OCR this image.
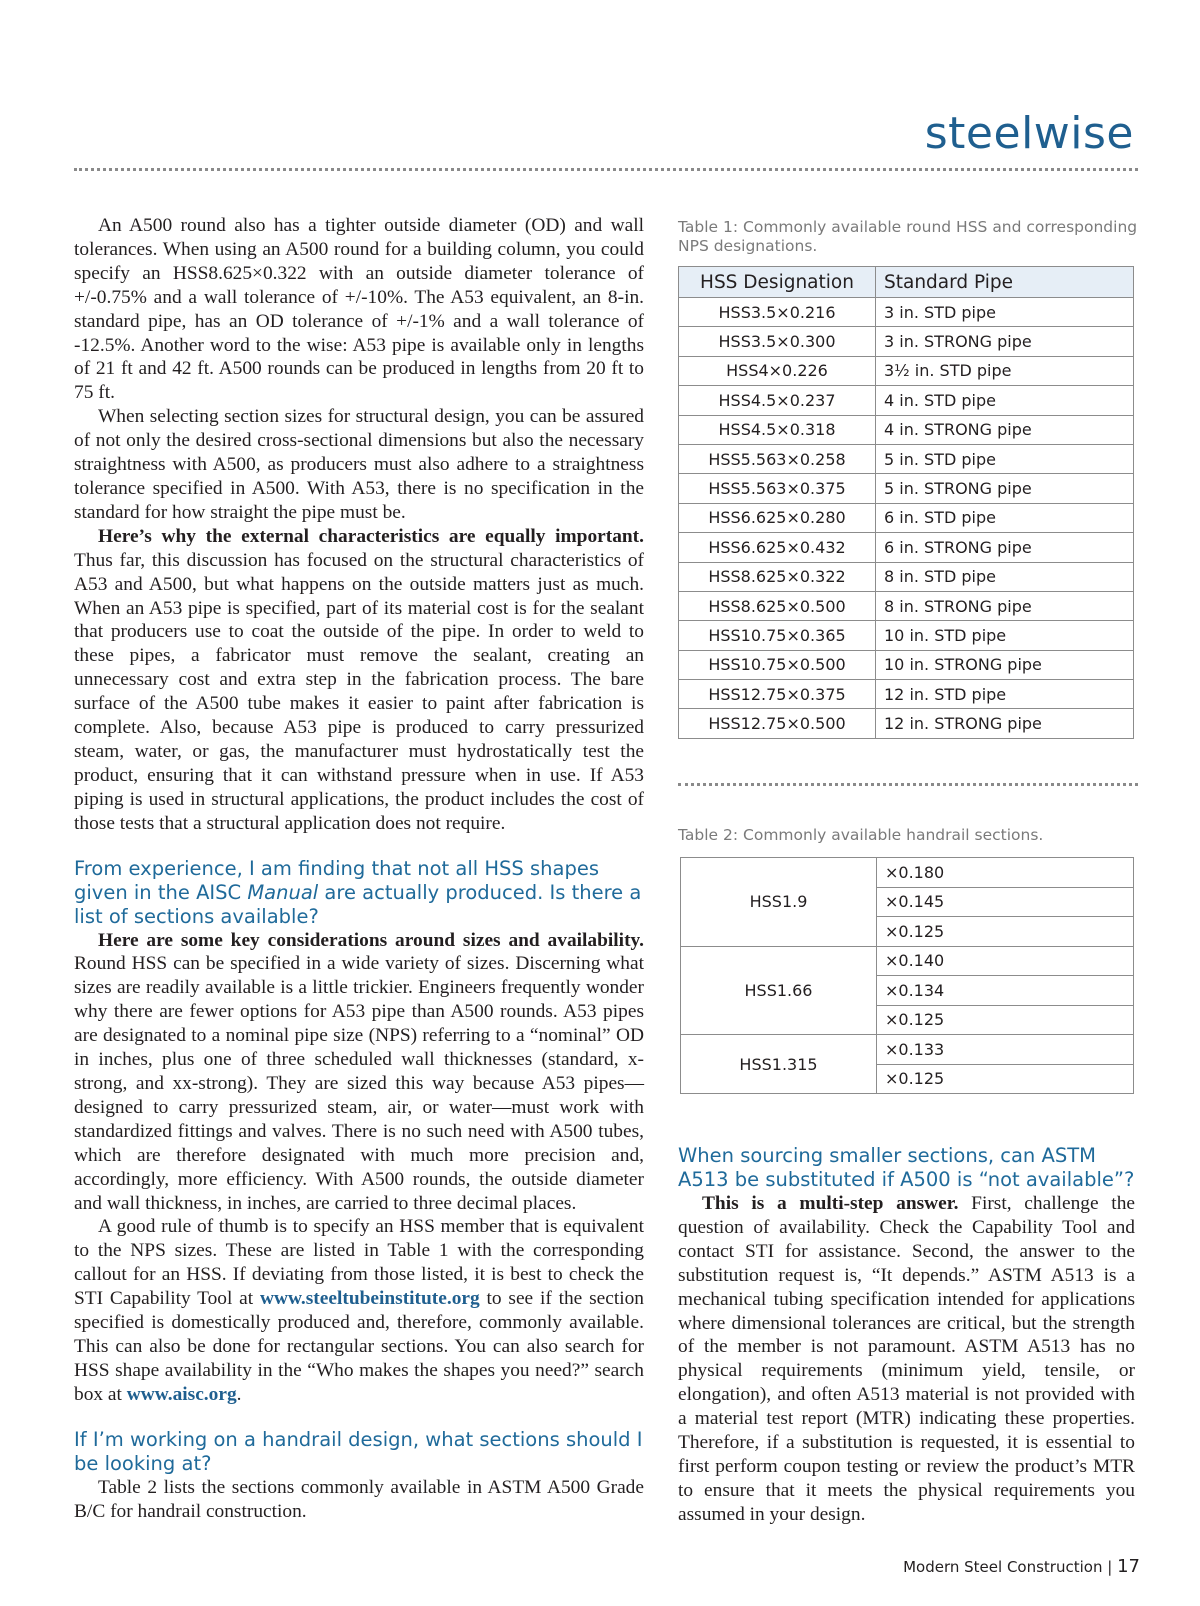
steelwise

An A500 round also has a tighter outside diameter (OD) and wall tolerances. When using an A500 round for a building column, you could specify an HSS8.625×0.322 with an outside diameter tolerance of +/-0.75% and a wall tolerance of +/-10%. The A53 equivalent, an 8-in. standard pipe, has an OD tolerance of +/-1% and a wall tolerance of -12.5%. Another word to the wise: A53 pipe is available only in lengths of 21 ft and 42 ft. A500 rounds can be produced in lengths from 20 ft to 75 ft.

When selecting section sizes for structural design, you can be assured of not only the desired cross-sectional dimensions but also the necessary straightness with A500, as producers must also adhere to a straightness tolerance specified in A500. With A53, there is no specification in the standard for how straight the pipe must be.

Here’s why the external characteristics are equally important. Thus far, this discussion has focused on the structural characteristics of A53 and A500, but what happens on the outside matters just as much. When an A53 pipe is specified, part of its material cost is for the sealant that producers use to coat the outside of the pipe. In order to weld to these pipes, a fabricator must remove the sealant, creating an unnecessary cost and extra step in the fabrication process. The bare surface of the A500 tube makes it easier to paint after fabrication is complete. Also, because A53 pipe is produced to carry pressurized steam, water, or gas, the manufacturer must hydrostatically test the product, ensuring that it can withstand pressure when in use. If A53 piping is used in structural applications, the product includes the cost of those tests that a structural application does not require.

From experience, I am finding that not all HSS shapes given in the AISC Manual are actually produced. Is there a list of sections available?

Here are some key considerations around sizes and availability. Round HSS can be specified in a wide variety of sizes. Discerning what sizes are readily available is a little trickier. Engineers frequently wonder why there are fewer options for A53 pipe than A500 rounds. A53 pipes are designated to a nominal pipe size (NPS) referring to a “nominal” OD in inches, plus one of three scheduled wall thicknesses (standard, x-strong, and xx-strong). They are sized this way because A53 pipes—designed to carry pressurized steam, air, or water—must work with standardized fittings and valves. There is no such need with A500 tubes, which are therefore designated with much more precision and, accordingly, more efficiency. With A500 rounds, the outside diameter and wall thickness, in inches, are carried to three decimal places.

A good rule of thumb is to specify an HSS member that is equivalent to the NPS sizes. These are listed in Table 1 with the corresponding callout for an HSS. If deviating from those listed, it is best to check the STI Capability Tool at www.steeltubeinstitute.org to see if the section specified is domestically produced and, therefore, commonly available. This can also be done for rectangular sections. You can also search for HSS shape availability in the “Who makes the shapes you need?” search box at www.aisc.org.

If I’m working on a handrail design, what sections should I be looking at?

Table 2 lists the sections commonly available in ASTM A500 Grade B/C for handrail construction.

Table 1: Commonly available round HSS and corresponding NPS designations.
HSS Designation	Standard Pipe
HSS3.5×0.216	3 in. STD pipe
HSS3.5×0.300	3 in. STRONG pipe
HSS4×0.226	3½ in. STD pipe
HSS4.5×0.237	4 in. STD pipe
HSS4.5×0.318	4 in. STRONG pipe
HSS5.563×0.258	5 in. STD pipe
HSS5.563×0.375	5 in. STRONG pipe
HSS6.625×0.280	6 in. STD pipe
HSS6.625×0.432	6 in. STRONG pipe
HSS8.625×0.322	8 in. STD pipe
HSS8.625×0.500	8 in. STRONG pipe
HSS10.75×0.365	10 in. STD pipe
HSS10.75×0.500	10 in. STRONG pipe
HSS12.75×0.375	12 in. STD pipe
HSS12.75×0.500	12 in. STRONG pipe
Table 2: Commonly available handrail sections.
HSS1.9	×0.180
	×0.145
	×0.125
HSS1.66	×0.140
	×0.134
	×0.125
HSS1.315	×0.133
	×0.125

When sourcing smaller sections, can ASTM A513 be substituted if A500 is “not available”?

This is a multi-step answer. First, challenge the question of availability. Check the Capability Tool and contact STI for assistance. Second, the answer to the substitution request is, “It depends.” ASTM A513 is a mechanical tubing specification intended for applications where dimensional tolerances are critical, but the strength of the member is not paramount. ASTM A513 has no physical requirements (minimum yield, tensile, or elongation), and often A513 material is not provided with a material test report (MTR) indicating these properties. Therefore, if a substitution is requested, it is essential to first perform coupon testing or review the product’s MTR to ensure that it meets the physical requirements you assumed in your design.

Modern Steel Construction | 17
